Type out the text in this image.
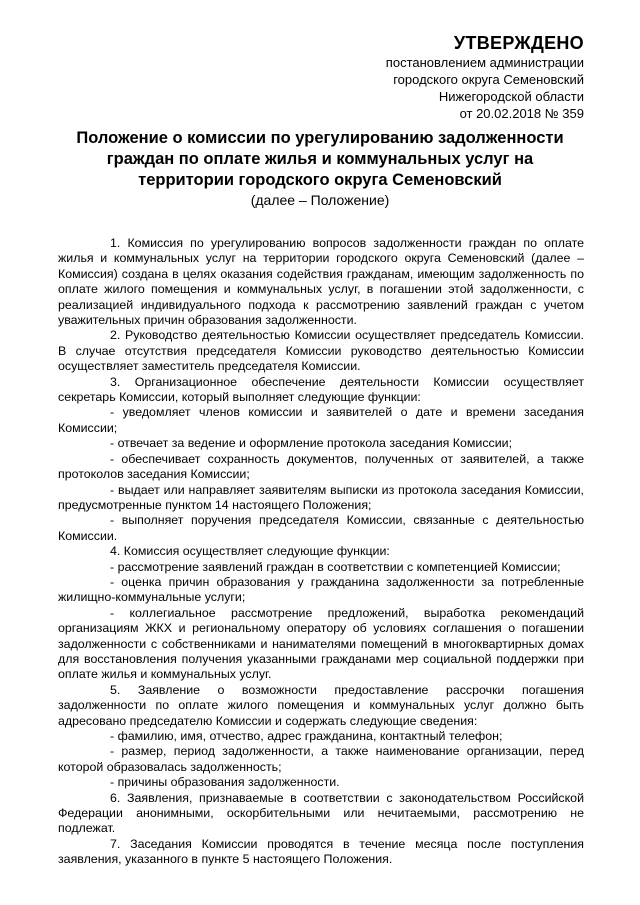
УТВЕРЖДЕНО
постановлением администрации
городского округа Семеновский
Нижегородской области
от 20.02.2018 № 359
Положение о комиссии по урегулированию задолженности граждан по оплате жилья и коммунальных услуг на территории городского округа Семеновский
(далее – Положение)

1. Комиссия по урегулированию вопросов задолженности граждан по оплате жилья и коммунальных услуг на территории городского округа Семеновский (далее – Комиссия) создана в целях оказания содействия гражданам, имеющим задолженность по оплате жилого помещения и коммунальных услуг, в погашении этой задолженности, с реализацией индивидуального подхода к рассмотрению заявлений граждан с учетом уважительных причин образования задолженности.

2. Руководство деятельностью Комиссии осуществляет председатель Комиссии. В случае отсутствия председателя Комиссии руководство деятельностью Комиссии осуществляет заместитель председателя Комиссии.

3. Организационное обеспечение деятельности Комиссии осуществляет секретарь Комиссии, который выполняет следующие функции:

- уведомляет членов комиссии и заявителей о дате и времени заседания Комиссии;

- отвечает за ведение и оформление протокола заседания Комиссии;

- обеспечивает сохранность документов, полученных от заявителей, а также протоколов заседания Комиссии;

- выдает или направляет заявителям выписки из протокола заседания Комиссии, предусмотренные пунктом 14 настоящего Положения;

- выполняет поручения председателя Комиссии, связанные с деятельностью Комиссии.

4. Комиссия осуществляет следующие функции:

- рассмотрение заявлений граждан в соответствии с компетенцией Комиссии;

- оценка причин образования у гражданина задолженности за потребленные жилищно-коммунальные услуги;

- коллегиальное рассмотрение предложений, выработка рекомендаций организациям ЖКХ и региональному оператору об условиях соглашения о погашении задолженности с собственниками и нанимателями помещений в многоквартирных домах для восстановления получения указанными гражданами мер социальной поддержки при оплате жилья и коммунальных услуг.

5. Заявление о возможности предоставление рассрочки погашения задолженности по оплате жилого помещения и коммунальных услуг должно быть адресовано председателю Комиссии и содержать следующие сведения:

- фамилию, имя, отчество, адрес гражданина, контактный телефон;

- размер, период задолженности, а также наименование организации, перед которой образовалась задолженность;

- причины образования задолженности.

6. Заявления, признаваемые в соответствии с законодательством Российской Федерации анонимными, оскорбительными или нечитаемыми, рассмотрению не подлежат.

7. Заседания Комиссии проводятся в течение месяца после поступления заявления, указанного в пункте 5 настоящего Положения.
